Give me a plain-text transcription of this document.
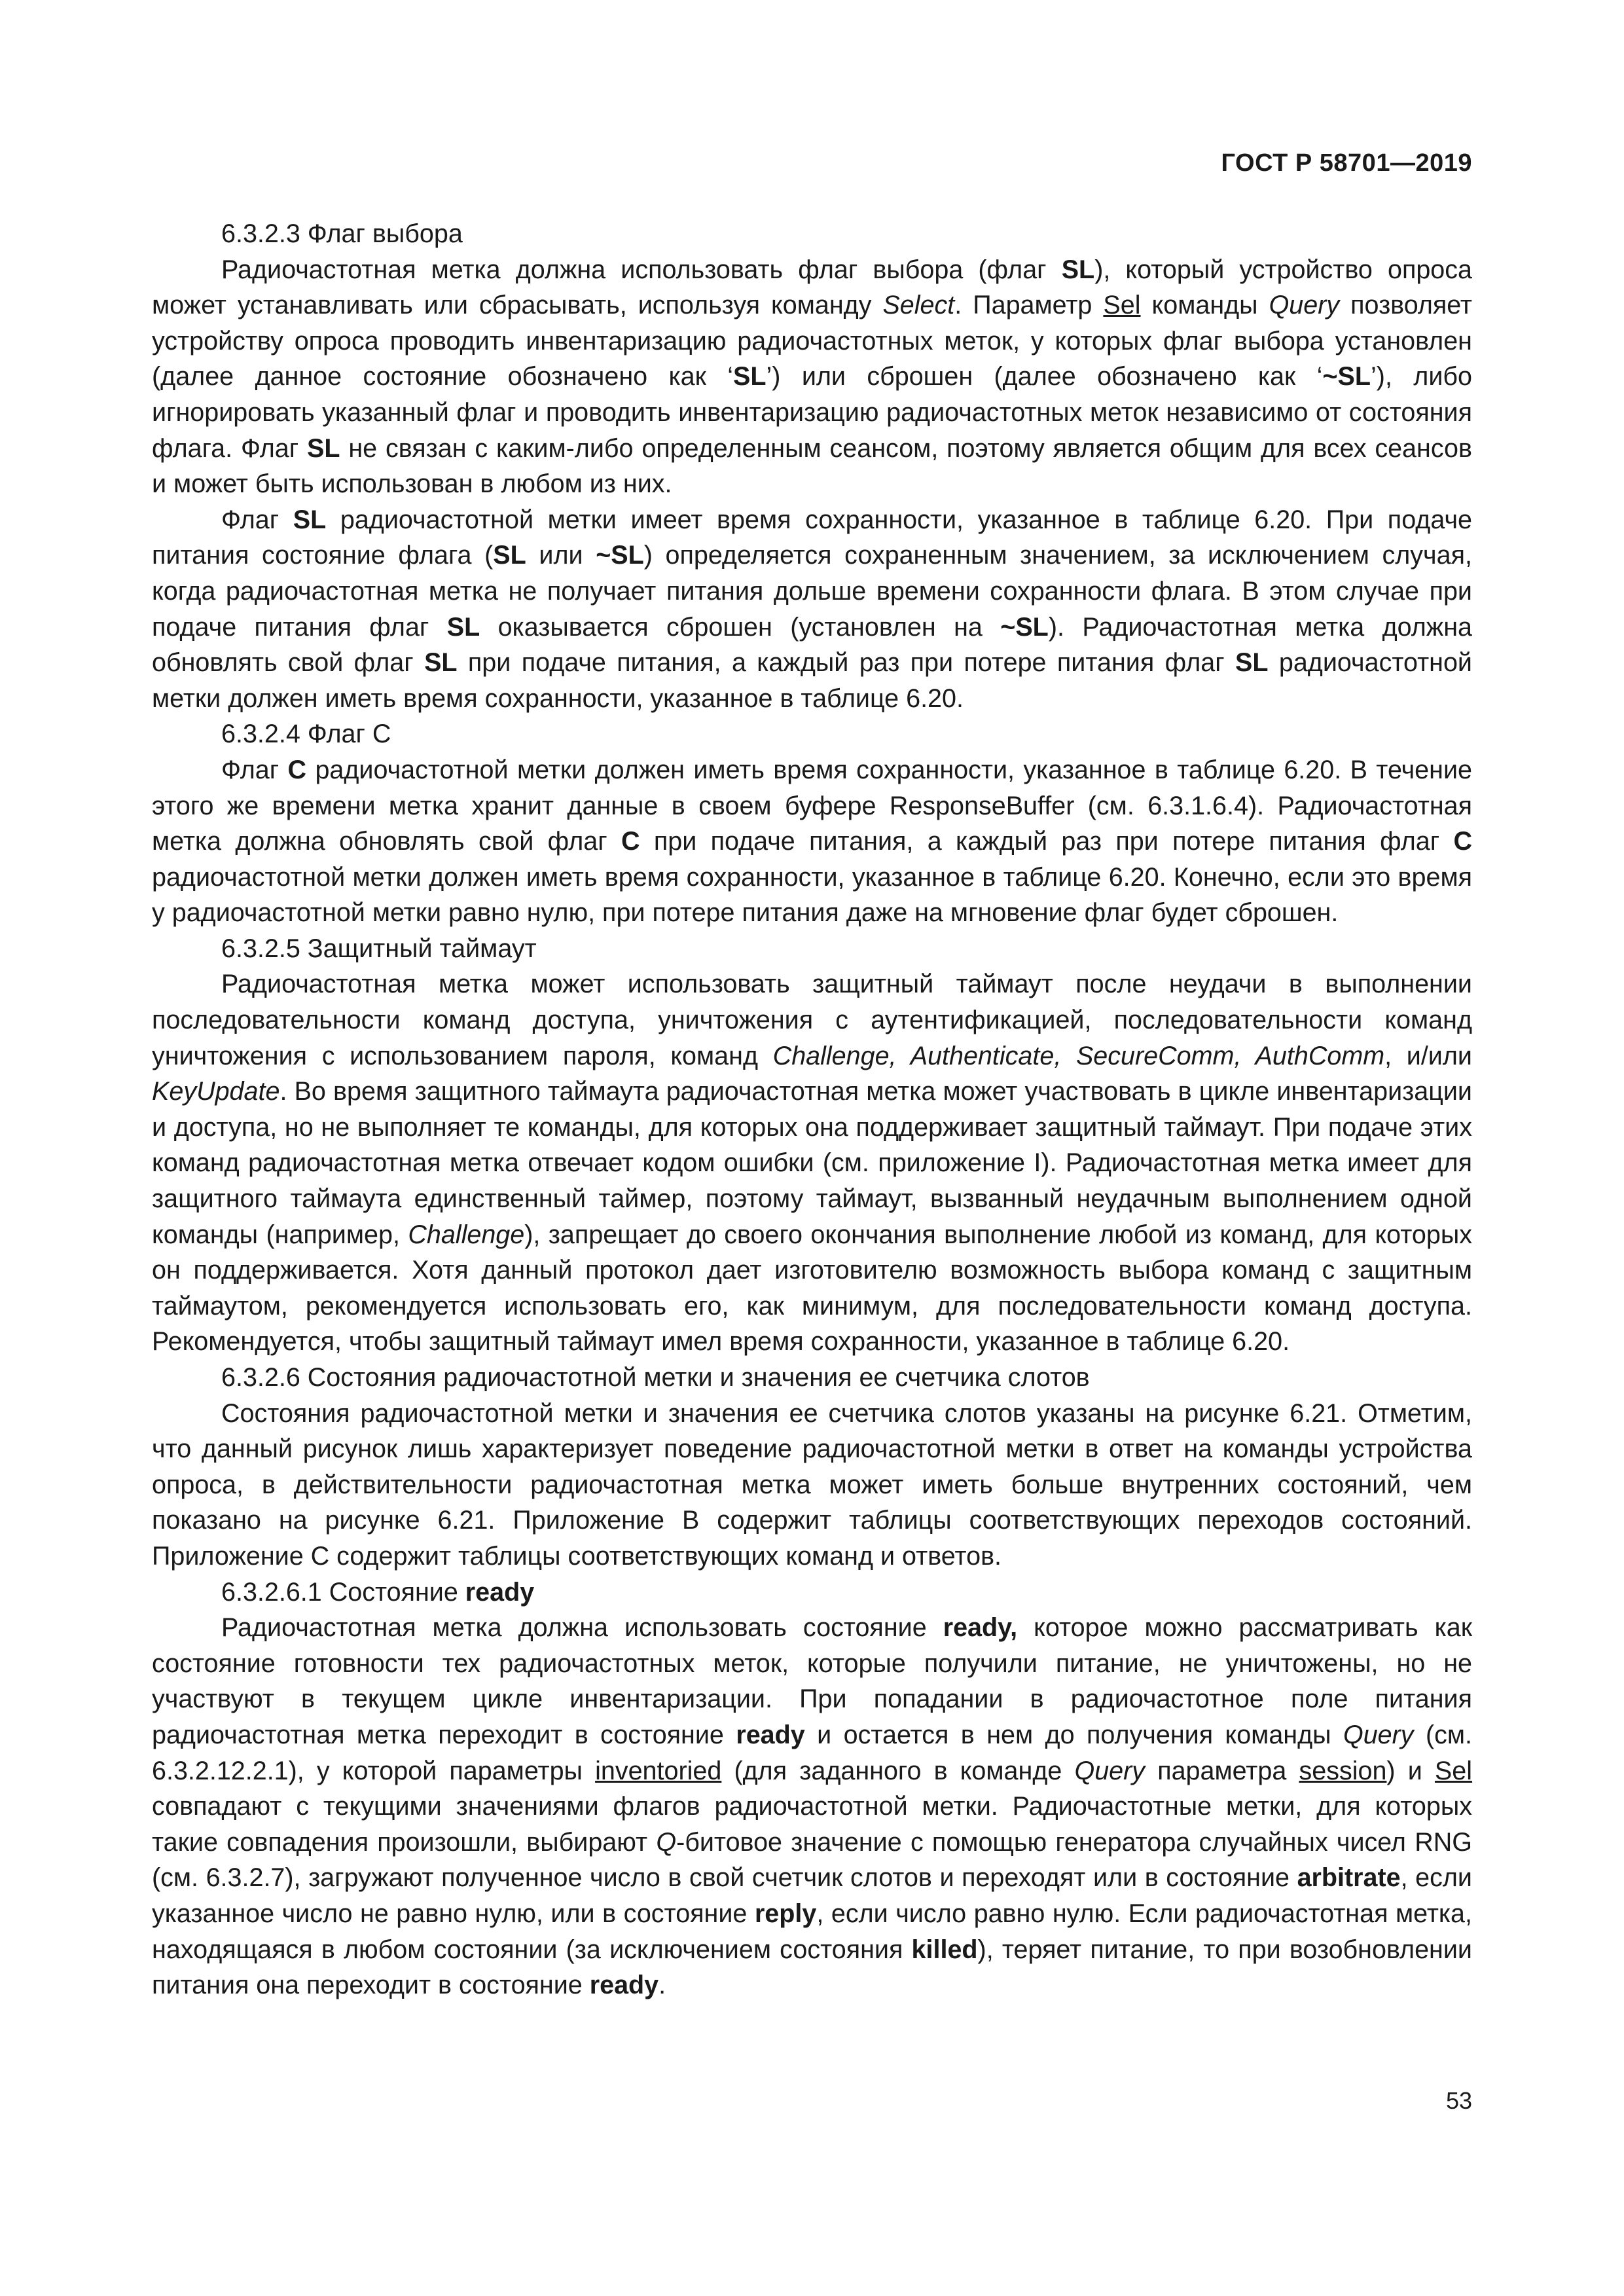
ГОСТ Р 58701—2019

6.3.2.3 Флаг выбора

Радиочастотная метка должна использовать флаг выбора (флаг SL), который устройство опроса может устанавливать или сбрасывать, используя команду Select. Параметр Sel команды Query позволяет устройству опроса проводить инвентаризацию радиочастотных меток, у которых флаг выбора установлен (далее данное состояние обозначено как ‘SL’) или сброшен (далее обозначено как ‘~SL’), либо игнорировать указанный флаг и проводить инвентаризацию радиочастотных меток независимо от состояния флага. Флаг SL не связан с каким-либо определенным сеансом, поэтому является общим для всех сеансов и может быть использован в любом из них.

Флаг SL радиочастотной метки имеет время сохранности, указанное в таблице 6.20. При подаче питания состояние флага (SL или ~SL) определяется сохраненным значением, за исключением случая, когда радиочастотная метка не получает питания дольше времени сохранности флага. В этом случае при подаче питания флаг SL оказывается сброшен (установлен на ~SL). Радиочастотная метка должна обновлять свой флаг SL при подаче питания, а каждый раз при потере питания флаг SL радиочастотной метки должен иметь время сохранности, указанное в таблице 6.20.

6.3.2.4 Флаг С

Флаг С радиочастотной метки должен иметь время сохранности, указанное в таблице 6.20. В течение этого же времени метка хранит данные в своем буфере ResponseBuffer (см. 6.3.1.6.4). Радиочастотная метка должна обновлять свой флаг С при подаче питания, а каждый раз при потере питания флаг С радиочастотной метки должен иметь время сохранности, указанное в таблице 6.20. Конечно, если это время у радиочастотной метки равно нулю, при потере питания даже на мгновение флаг будет сброшен.

6.3.2.5 Защитный таймаут

Радиочастотная метка может использовать защитный таймаут после неудачи в выполнении последовательности команд доступа, уничтожения с аутентификацией, последовательности команд уничтожения с использованием пароля, команд Challenge, Authenticate, SecureComm, AuthComm, и/или KeyUpdate. Во время защитного таймаута радиочастотная метка может участвовать в цикле инвентаризации и доступа, но не выполняет те команды, для которых она поддерживает защитный таймаут. При подаче этих команд радиочастотная метка отвечает кодом ошибки (см. приложение I). Радиочастотная метка имеет для защитного таймаута единственный таймер, поэтому таймаут, вызванный неудачным выполнением одной команды (например, Challenge), запрещает до своего окончания выполнение любой из команд, для которых он поддерживается. Хотя данный протокол дает изготовителю возможность выбора команд с защитным таймаутом, рекомендуется использовать его, как минимум, для последовательности команд доступа. Рекомендуется, чтобы защитный таймаут имел время сохранности, указанное в таблице 6.20.

6.3.2.6 Состояния радиочастотной метки и значения ее счетчика слотов

Состояния радиочастотной метки и значения ее счетчика слотов указаны на рисунке 6.21. Отметим, что данный рисунок лишь характеризует поведение радиочастотной метки в ответ на команды устройства опроса, в действительности радиочастотная метка может иметь больше внутренних состояний, чем показано на рисунке 6.21. Приложение В содержит таблицы соответствующих переходов состояний. Приложение С содержит таблицы соответствующих команд и ответов.

6.3.2.6.1 Состояние ready

Радиочастотная метка должна использовать состояние ready, которое можно рассматривать как состояние готовности тех радиочастотных меток, которые получили питание, не уничтожены, но не участвуют в текущем цикле инвентаризации. При попадании в радиочастотное поле питания радиочастотная метка переходит в состояние ready и остается в нем до получения команды Query (см. 6.3.2.12.2.1), у которой параметры inventoried (для заданного в команде Query параметра session) и Sel совпадают с текущими значениями флагов радиочастотной метки. Радиочастотные метки, для которых такие совпадения произошли, выбирают Q-битовое значение с помощью генератора случайных чисел RNG (см. 6.3.2.7), загружают полученное число в свой счетчик слотов и переходят или в состояние arbitrate, если указанное число не равно нулю, или в состояние reply, если число равно нулю. Если радиочастотная метка, находящаяся в любом состоянии (за исключением состояния killed), теряет питание, то при возобновлении питания она переходит в состояние ready.

53
